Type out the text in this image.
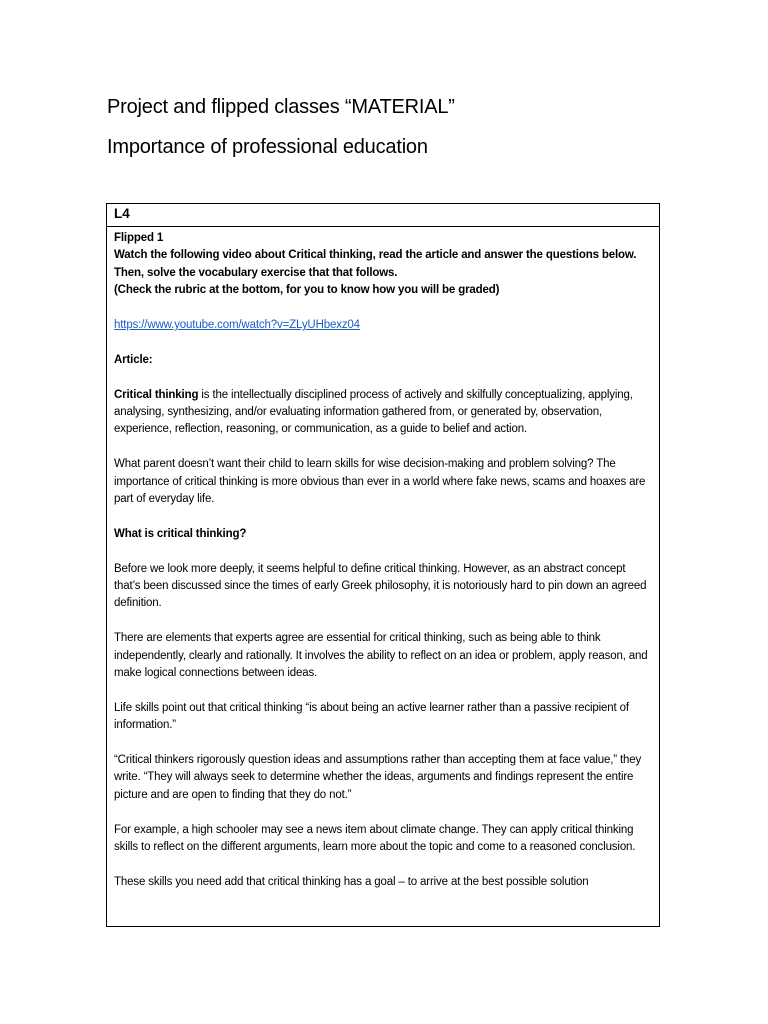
Project and flipped classes “MATERIAL”
Importance of professional education
L4

Flipped 1

Watch the following video about Critical thinking, read the article and answer the questions below. Then, solve the vocabulary exercise that that follows.

(Check the rubric at the bottom, for you to know how you will be graded)

https://www.youtube.com/watch?v=ZLyUHbexz04

Article:

Critical thinking is the intellectually disciplined process of actively and skilfully conceptualizing, applying, analysing, synthesizing, and/or evaluating information gathered from, or generated by, observation, experience, reflection, reasoning, or communication, as a guide to belief and action.

What parent doesn’t want their child to learn skills for wise decision-making and problem solving? The importance of critical thinking is more obvious than ever in a world where fake news, scams and hoaxes are part of everyday life.

What is critical thinking?

Before we look more deeply, it seems helpful to define critical thinking. However, as an abstract concept that’s been discussed since the times of early Greek philosophy, it is notoriously hard to pin down an agreed definition.

There are elements that experts agree are essential for critical thinking, such as being able to think independently, clearly and rationally. It involves the ability to reflect on an idea or problem, apply reason, and make logical connections between ideas.

Life skills point out that critical thinking “is about being an active learner rather than a passive recipient of information.”

“Critical thinkers rigorously question ideas and assumptions rather than accepting them at face value,” they write. “They will always seek to determine whether the ideas, arguments and findings represent the entire picture and are open to finding that they do not.”

For example, a high schooler may see a news item about climate change. They can apply critical thinking skills to reflect on the different arguments, learn more about the topic and come to a reasoned conclusion.

These skills you need add that critical thinking has a goal – to arrive at the best possible solution
